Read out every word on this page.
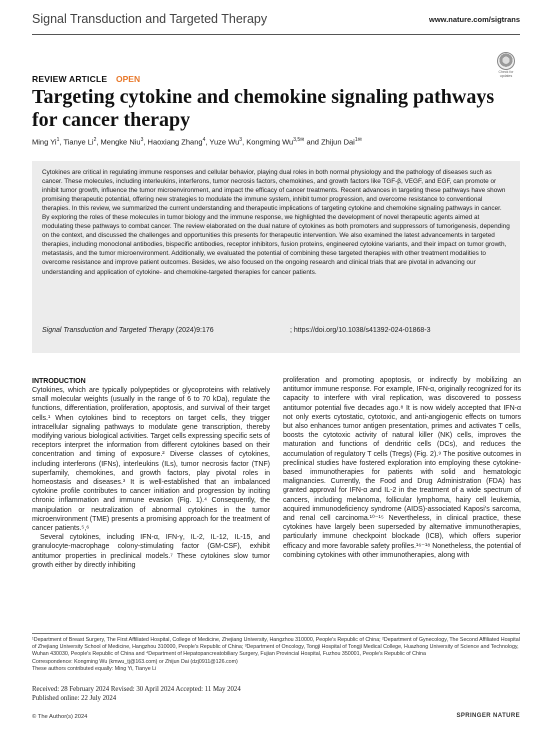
Signal Transduction and Targeted Therapy	www.nature.com/sigtrans
Check for updates
REVIEW ARTICLE OPEN
Targeting cytokine and chemokine signaling pathways for cancer therapy
Ming Yi$^1$, Tianye Li$^2$, Mengke Niu$^3$, Haoxiang Zhang$^4$, Yuze Wu$^3$, Kongming $Wu^{3,5✉}$ and Zhijun Dai$^{1✉}$

Cytokines are critical in regulating immune responses and cellular behavior, playing dual roles in both normal physiology and the pathology of diseases such as cancer. These molecules, including interleukins, interferons, tumor necrosis factors, chemokines, and growth factors like TGF-β, VEGF, and EGF, can promote or inhibit tumor growth, influence the tumor microenvironment, and impact the efficacy of cancer treatments. Recent advances in targeting these pathways have shown promising therapeutic potential, offering new strategies to modulate the immune system, inhibit tumor progression, and overcome resistance to conventional therapies. In this review, we summarized the current understanding and therapeutic implications of targeting cytokine and chemokine signaling pathways in cancer. By exploring the roles of these molecules in tumor biology and the immune response, we highlighted the development of novel therapeutic agents aimed at modulating these pathways to combat cancer. The review elaborated on the dual nature of cytokines as both promoters and suppressors of tumorigenesis, depending on the context, and discussed the challenges and opportunities this presents for therapeutic intervention. We also examined the latest advancements in targeted therapies, including monoclonal antibodies, bispecific antibodies, receptor inhibitors, fusion proteins, engineered cytokine variants, and their impact on tumor growth, metastasis, and the tumor microenvironment. Additionally, we evaluated the potential of combining these targeted therapies with other treatment modalities to overcome resistance and improve patient outcomes. Besides, we also focused on the ongoing research and clinical trials that are pivotal in advancing our understanding and application of cytokine- and chemokine-targeted therapies for cancer patients.

Signal Transduction and Targeted Therapy (2024)9:176	; https://doi.org/10.1038/s41392-024-01868-3
INTRODUCTION

Cytokines, which are typically polypeptides or glycoproteins with relatively small molecular weights (usually in the range of 6 to 70 kDa), regulate the functions, differentiation, proliferation, apoptosis, and survival of their target cells.¹ When cytokines bind to receptors on target cells, they trigger intracellular signaling pathways to modulate gene transcription, thereby modifying various biological activities. Target cells expressing specific sets of receptors interpret the information from different cytokines based on their concentration and timing of exposure.² Diverse classes of cytokines, including interferons (IFNs), interleukins (ILs), tumor necrosis factor (TNF) superfamily, chemokines, and growth factors, play pivotal roles in homeostasis and diseases.³ It is well-established that an imbalanced cytokine profile contributes to cancer initiation and progression by inciting chronic inflammation and immune evasion (Fig. 1).⁴ Consequently, the manipulation or neutralization of abnormal cytokines in the tumor microenvironment (TME) presents a promising approach for the treatment of cancer patients.⁵,⁶

Several cytokines, including IFN-α, IFN-γ, IL-2, IL-12, IL-15, and granulocyte-macrophage colony-stimulating factor (GM-CSF), exhibit antitumor properties in preclinical models.⁷ These cytokines slow tumor growth either by directly inhibiting

proliferation and promoting apoptosis, or indirectly by mobilizing an antitumor immune response. For example, IFN-α, originally recognized for its capacity to interfere with viral replication, was discovered to possess antitumor potential five decades ago.⁸ It is now widely accepted that IFN-α not only exerts cytostatic, cytotoxic, and anti-angiogenic effects on tumors but also enhances tumor antigen presentation, primes and activates T cells, boosts the cytotoxic activity of natural killer (NK) cells, improves the maturation and functions of dendritic cells (DCs), and reduces the accumulation of regulatory T cells (Tregs) (Fig. 2).⁹ The positive outcomes in preclinical studies have fostered exploration into employing these cytokine-based immunotherapies for patients with solid and hematologic malignancies. Currently, the Food and Drug Administration (FDA) has granted approval for IFN-α and IL-2 in the treatment of a wide spectrum of cancers, including melanoma, follicular lymphoma, hairy cell leukemia, acquired immunodeficiency syndrome (AIDS)-associated Kaposi's sarcoma, and renal cell carcinoma.¹⁰⁻¹⁵ Nevertheless, in clinical practice, these cytokines have largely been superseded by alternative immunotherapies, particularly immune checkpoint blockade (ICB), which offers superior efficacy and more favorable safety profiles.¹⁶⁻¹⁸ Nonetheless, the potential of combining cytokines with other immunotherapies, along with

¹Department of Breast Surgery, The First Affiliated Hospital, College of Medicine, Zhejiang University, Hangzhou 310000, People's Republic of China; ²Department of Gynecology, The Second Affiliated Hospital of Zhejiang University School of Medicine, Hangzhou 310000, People's Republic of China; ³Department of Oncology, Tongji Hospital of Tongji Medical College, Huazhong University of Science and Technology, Wuhan 430030, People's Republic of China and ⁴Department of Hepatopancreatobiliary Surgery, Fujian Provincial Hospital, Fuzhou 350001, People's Republic of China
Correspondence: Kongming Wu (kmwu_tj@163.com) or Zhijun Dai (dzj0911@126.com)
These authors contributed equally: Ming Yi, Tianye Li
Received: 28 February 2024 Revised: 30 April 2024 Accepted: 11 May 2024
Published online: 22 July 2024
© The Author(s) 2024	SPRINGER NATURE
